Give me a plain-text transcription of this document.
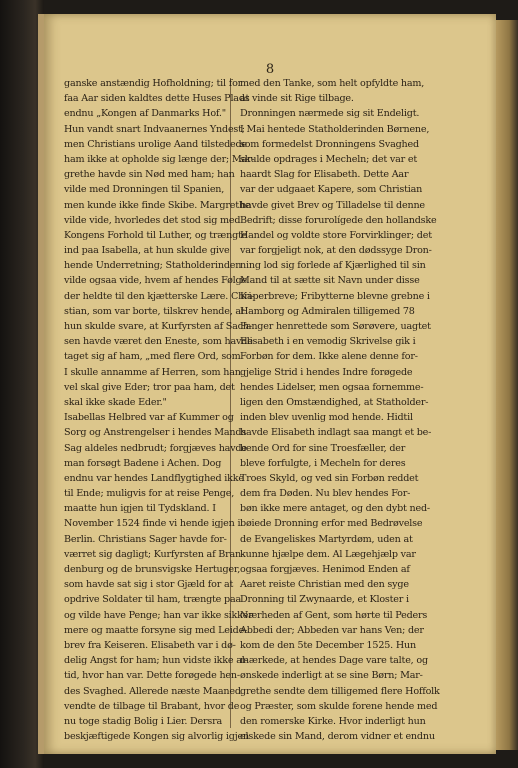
8
ganske anstændig Hofholdning; til for
faa Aar siden kaldtes dette Huses Plads
endnu „Kongen af Danmarks Hof."
Hun vandt snart Indvaanernes Yndest;
men Christians urolige Aand tilstedede
ham ikke at opholde sig længe der; Mar-
grethe havde sin Nød med ham; han
vilde med Dronningen til Spanien,
men kunde ikke finde Skibe. Margrethe
vilde vide, hvorledes det stod sig med
Kongens Forhold til Luther, og trængte
ind paa Isabella, at hun skulde give
hende Underretning; Statholderinden
vilde ogsaa vide, hvem af hendes Følge
der heldte til den kjætterske Lære. Chri-
stian, som var borte, tilskrev hende, at
hun skulde svare, at Kurfyrsten af Sach-
sen havde været den Eneste, som havde
taget sig af ham, „med flere Ord, som
I skulle annamme af Herren, som han
vel skal give Eder; tror paa ham, det
skal ikke skade Eder."
Isabellas Helbred var af Kummer og
Sorg og Anstrengelser i hendes Mands
Sag aldeles nedbrudt; forgjæves havde
man forsøgt Badene i Achen. Dog
endnu var hendes Landflygtighed ikke
til Ende; muligvis for at reise Penge,
maatte hun igjen til Tydskland. I
November 1524 finde vi hende igjen i
Berlin. Christians Sager havde for-
værret sig dagligt; Kurfyrsten af Bran-
denburg og de brunsvigske Hertuger,
som havde sat sig i stor Gjæld for at
opdrive Soldater til ham, trængte paa
og vilde have Penge; han var ikke sikker
mere og maatte forsyne sig med Leide-
brev fra Keiseren. Elisabeth var i dø-
delig Angst for ham; hun vidste ikke al-
tid, hvor han var. Dette forøgede hen-
des Svaghed. Allerede næste Maaned
vendte de tilbage til Brabant, hvor de
nu toge stadig Bolig i Lier. Dersra
beskjæftigede Kongen sig alvorlig igjen
med den Tanke, som helt opfyldte ham,
at vinde sit Rige tilbage.
Dronningen nærmede sig sit Endeligt.
I Mai hentede Statholderinden Børnene,
som formedelst Dronningens Svaghed
skulde opdrages i Mecheln; det var et
haardt Slag for Elisabeth. Dette Aar
var der udgaaet Kapere, som Christian
havde givet Brev og Tilladelse til denne
Bedrift; disse forurolígede den hollandske
Handel og voldte store Forvirklinger; det
var forgjeligt nok, at den dødssyge Dron-
ning lod sig forlede af Kjærlighed til sin
Mand til at sætte sit Navn under disse
Kaperbreve; Fribytterne blevne grebne i
Hamborg og Admiralen tilligemed 78
Fanger henrettede som Sørøvere, uagtet
Elisabeth i en vemodig Skrivelse gik i
Forbøn for dem. Ikke alene denne for-
gjelige Strid i hendes Indre forøgede
hendes Lidelser, men ogsaa fornemme-
ligen den Omstændighed, at Statholder-
inden blev uvenlig mod hende. Hidtil
havde Elisabeth indlagt saa mangt et be-
bende Ord for sine Troesfæller, der
bleve forfulgte, i Mecheln for deres
Troes Skyld, og ved sin Forbøn reddet
dem fra Døden. Nu blev hendes For-
bøn ikke mere antaget, og den dybt ned-
bøiede Dronning erfor med Bedrøvelse
de Evangeliskes Martyrdøm, uden at
kunne hjælpe dem. Al Lægehjælp var
ogsaa forgjæves. Henimod Enden af
Aaret reiste Christian med den syge
Dronning til Zwynaarde, et Kloster i
Nærheden af Gent, som hørte til Peders
Abbedi der; Abbeden var hans Ven; der
kom de den 5te December 1525. Hun
mærkede, at hendes Dage vare talte, og
ønskede inderligt at se sine Børn; Mar-
grethe sendte dem tilligemed flere Hoffolk
og Præster, som skulde forene hende med
den romerske Kirke. Hvor inderligt hun
elskede sin Mand, derom vidner et endnu
